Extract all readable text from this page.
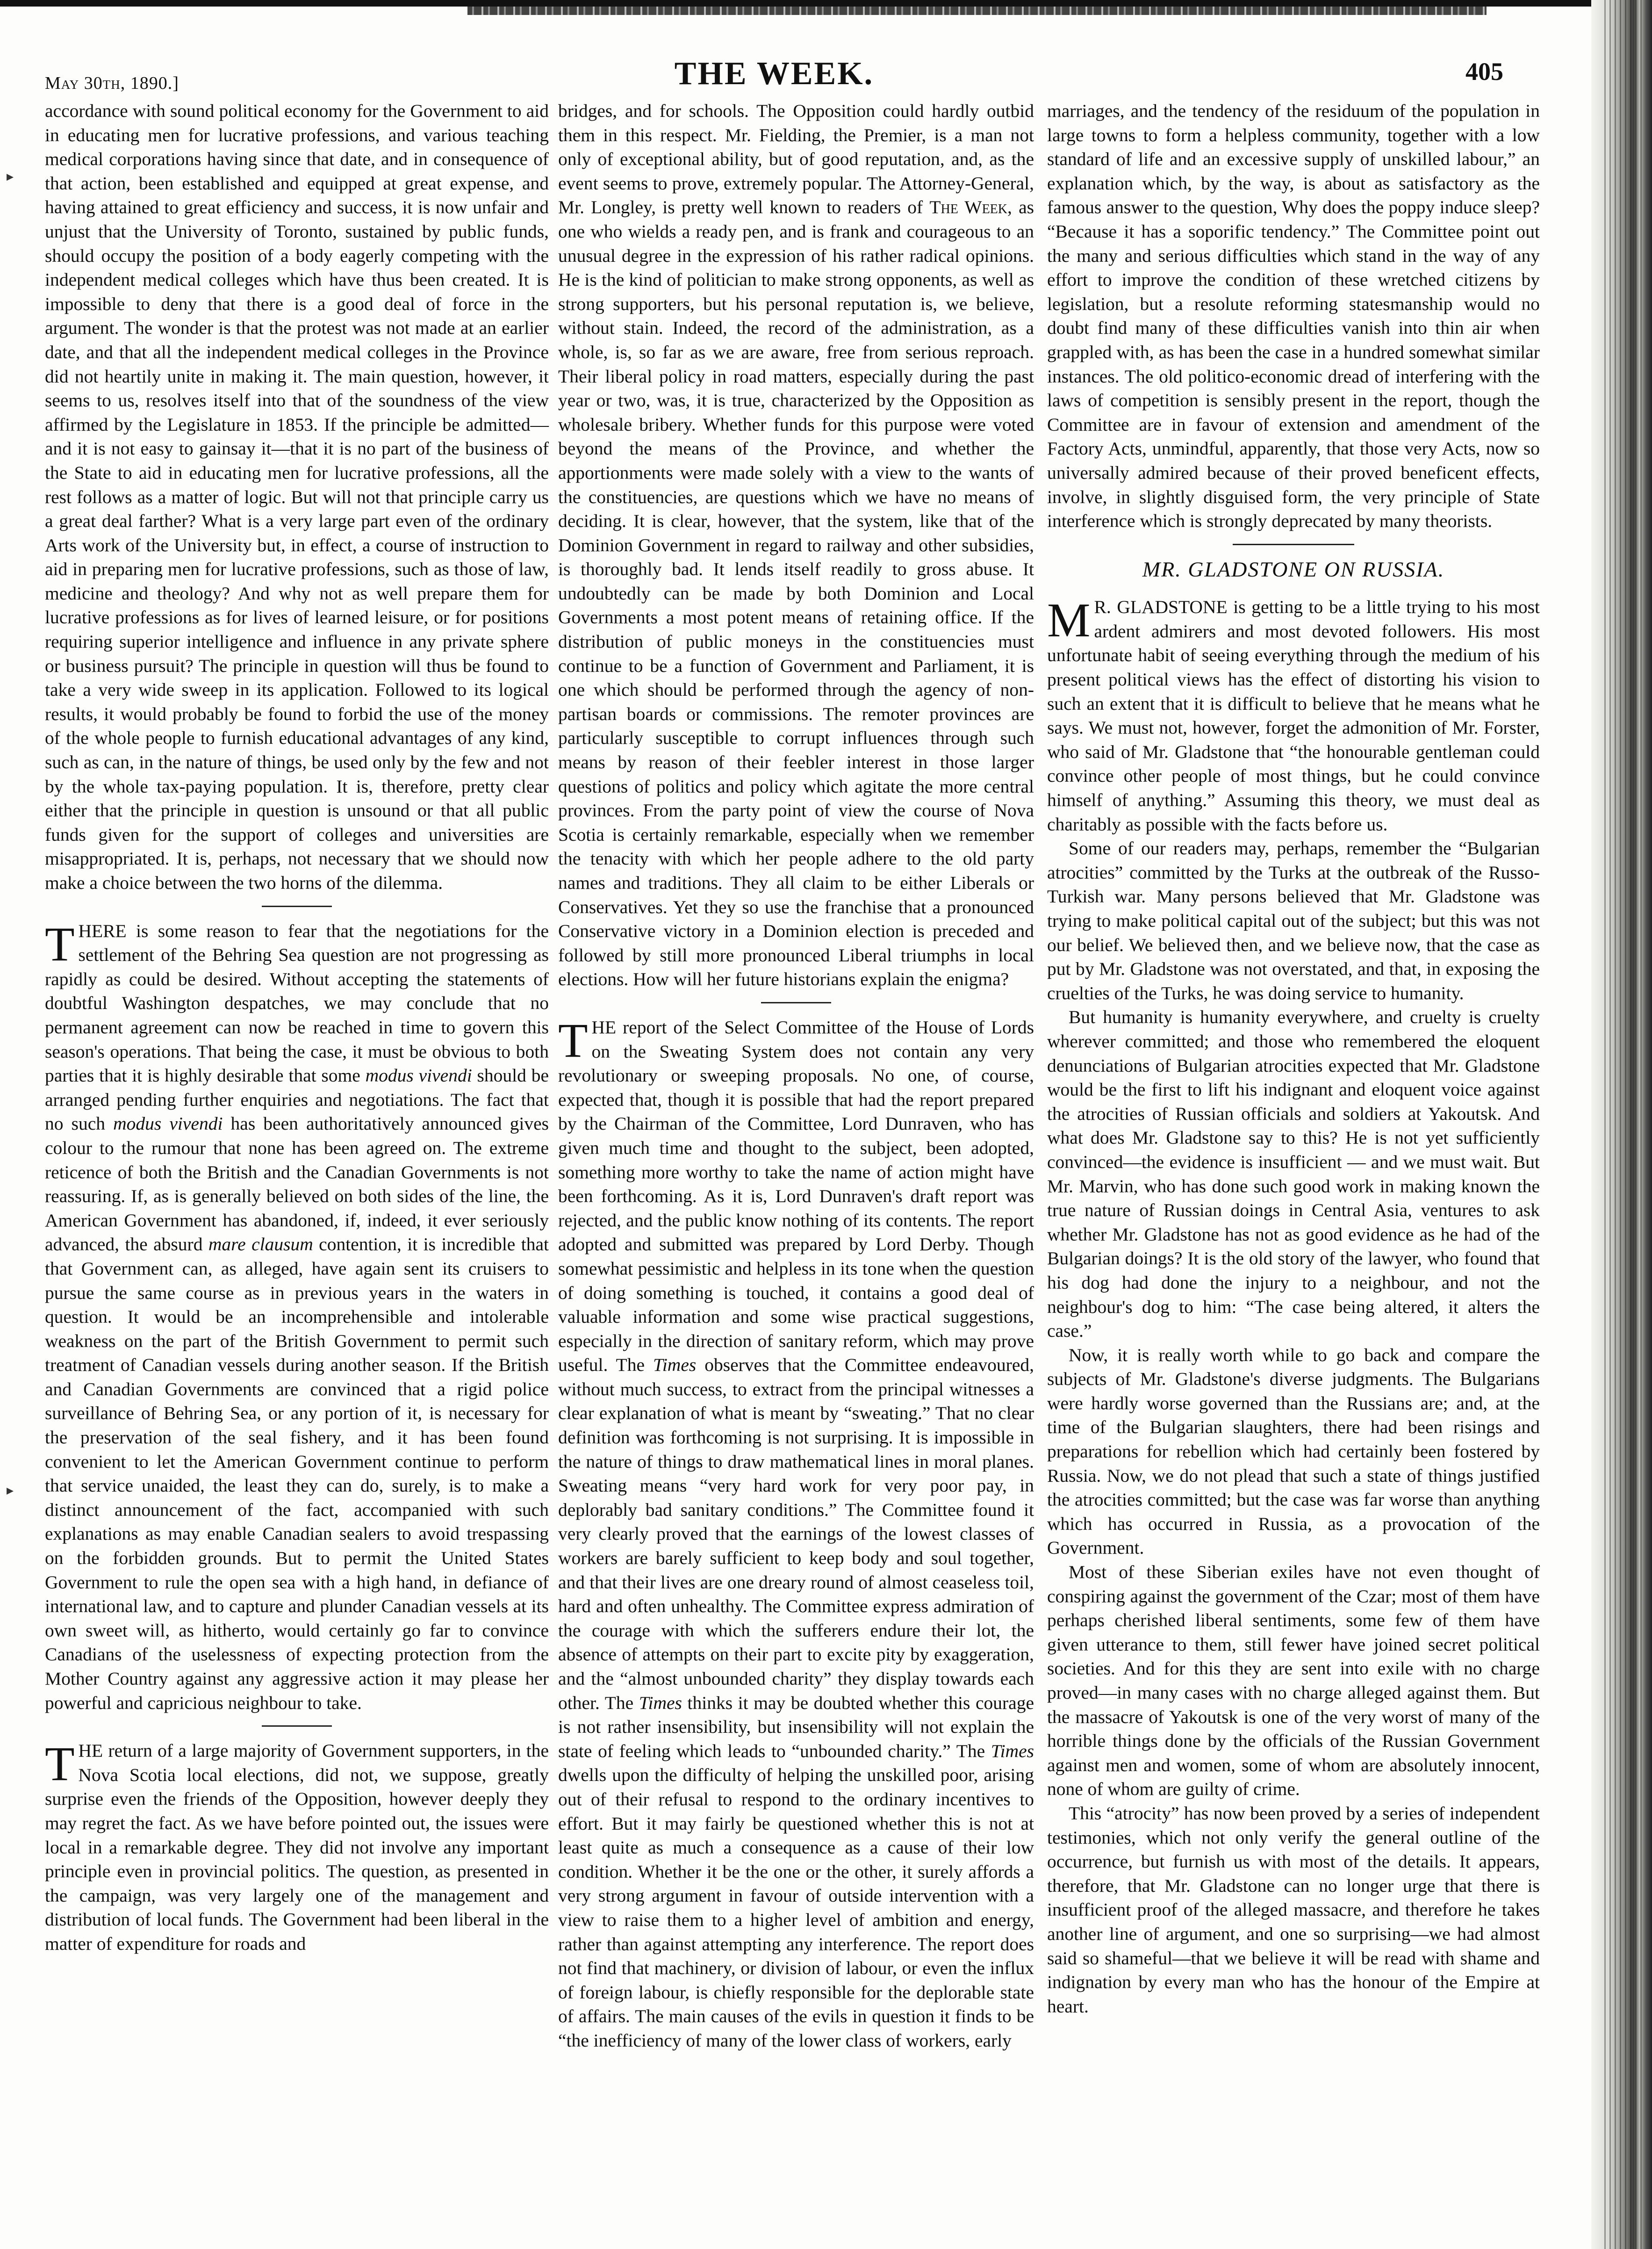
▸
▸
May 30th, 1890.]	THE WEEK.	405

accordance with sound political economy for the Government to aid in educating men for lucrative professions, and various teaching medical corporations having since that date, and in consequence of that action, been established and equipped at great expense, and having attained to great efficiency and success, it is now unfair and unjust that the University of Toronto, sustained by public funds, should occupy the position of a body eagerly competing with the independent medical colleges which have thus been created. It is impossible to deny that there is a good deal of force in the argument. The wonder is that the protest was not made at an earlier date, and that all the independent medical colleges in the Province did not heartily unite in making it. The main question, however, it seems to us, resolves itself into that of the soundness of the view affirmed by the Legislature in 1853. If the principle be admitted—and it is not easy to gainsay it—that it is no part of the business of the State to aid in educating men for lucrative professions, all the rest follows as a matter of logic. But will not that principle carry us a great deal farther? What is a very large part even of the ordinary Arts work of the University but, in effect, a course of instruction to aid in preparing men for lucrative professions, such as those of law, medicine and theology? And why not as well prepare them for lucrative professions as for lives of learned leisure, or for positions requiring superior intelligence and influence in any private sphere or business pursuit? The principle in question will thus be found to take a very wide sweep in its application. Followed to its logical results, it would probably be found to forbid the use of the money of the whole people to furnish educational advantages of any kind, such as can, in the nature of things, be used only by the few and not by the whole tax-paying population. It is, therefore, pretty clear either that the principle in question is unsound or that all public funds given for the support of colleges and universities are misappropriated. It is, perhaps, not necessary that we should now make a choice between the two horns of the dilemma.

THERE is some reason to fear that the negotiations for the settlement of the Behring Sea question are not progressing as rapidly as could be desired. Without accepting the statements of doubtful Washington despatches, we may conclude that no permanent agreement can now be reached in time to govern this season's operations. That being the case, it must be obvious to both parties that it is highly desirable that some modus vivendi should be arranged pending further enquiries and negotiations. The fact that no such modus vivendi has been authoritatively announced gives colour to the rumour that none has been agreed on. The extreme reticence of both the British and the Canadian Governments is not reassuring. If, as is generally believed on both sides of the line, the American Government has abandoned, if, indeed, it ever seriously advanced, the absurd mare clausum contention, it is incredible that that Government can, as alleged, have again sent its cruisers to pursue the same course as in previous years in the waters in question. It would be an incomprehensible and intolerable weakness on the part of the British Government to permit such treatment of Canadian vessels during another season. If the British and Canadian Governments are convinced that a rigid police surveillance of Behring Sea, or any portion of it, is necessary for the preservation of the seal fishery, and it has been found convenient to let the American Government continue to perform that service unaided, the least they can do, surely, is to make a distinct announcement of the fact, accompanied with such explanations as may enable Canadian sealers to avoid trespassing on the forbidden grounds. But to permit the United States Government to rule the open sea with a high hand, in defiance of international law, and to capture and plunder Canadian vessels at its own sweet will, as hitherto, would certainly go far to convince Canadians of the uselessness of expecting protection from the Mother Country against any aggressive action it may please her powerful and capricious neighbour to take.

THE return of a large majority of Government supporters, in the Nova Scotia local elections, did not, we suppose, greatly surprise even the friends of the Opposition, however deeply they may regret the fact. As we have before pointed out, the issues were local in a remarkable degree. They did not involve any important principle even in provincial politics. The question, as presented in the campaign, was very largely one of the management and distribution of local funds. The Government had been liberal in the matter of expenditure for roads and

bridges, and for schools. The Opposition could hardly outbid them in this respect. Mr. Fielding, the Premier, is a man not only of exceptional ability, but of good reputation, and, as the event seems to prove, extremely popular. The Attorney-General, Mr. Longley, is pretty well known to readers of The Week, as one who wields a ready pen, and is frank and courageous to an unusual degree in the expression of his rather radical opinions. He is the kind of politician to make strong opponents, as well as strong supporters, but his personal reputation is, we believe, without stain. Indeed, the record of the administration, as a whole, is, so far as we are aware, free from serious reproach. Their liberal policy in road matters, especially during the past year or two, was, it is true, characterized by the Opposition as wholesale bribery. Whether funds for this purpose were voted beyond the means of the Province, and whether the apportionments were made solely with a view to the wants of the constituencies, are questions which we have no means of deciding. It is clear, however, that the system, like that of the Dominion Government in regard to railway and other subsidies, is thoroughly bad. It lends itself readily to gross abuse. It undoubtedly can be made by both Dominion and Local Governments a most potent means of retaining office. If the distribution of public moneys in the constituencies must continue to be a function of Government and Parliament, it is one which should be performed through the agency of non-partisan boards or commissions. The remoter provinces are particularly susceptible to corrupt influences through such means by reason of their feebler interest in those larger questions of politics and policy which agitate the more central provinces. From the party point of view the course of Nova Scotia is certainly remarkable, especially when we remember the tenacity with which her people adhere to the old party names and traditions. They all claim to be either Liberals or Conservatives. Yet they so use the franchise that a pronounced Conservative victory in a Dominion election is preceded and followed by still more pronounced Liberal triumphs in local elections. How will her future historians explain the enigma?

THE report of the Select Committee of the House of Lords on the Sweating System does not contain any very revolutionary or sweeping proposals. No one, of course, expected that, though it is possible that had the report prepared by the Chairman of the Committee, Lord Dunraven, who has given much time and thought to the subject, been adopted, something more worthy to take the name of action might have been forthcoming. As it is, Lord Dunraven's draft report was rejected, and the public know nothing of its contents. The report adopted and submitted was prepared by Lord Derby. Though somewhat pessimistic and helpless in its tone when the question of doing something is touched, it contains a good deal of valuable information and some wise practical suggestions, especially in the direction of sanitary reform, which may prove useful. The Times observes that the Committee endeavoured, without much success, to extract from the principal witnesses a clear explanation of what is meant by “sweating.” That no clear definition was forthcoming is not surprising. It is impossible in the nature of things to draw mathematical lines in moral planes. Sweating means “very hard work for very poor pay, in deplorably bad sanitary conditions.” The Committee found it very clearly proved that the earnings of the lowest classes of workers are barely sufficient to keep body and soul together, and that their lives are one dreary round of almost ceaseless toil, hard and often unhealthy. The Committee express admiration of the courage with which the sufferers endure their lot, the absence of attempts on their part to excite pity by exaggeration, and the “almost unbounded charity” they display towards each other. The Times thinks it may be doubted whether this courage is not rather insensibility, but insensibility will not explain the state of feeling which leads to “unbounded charity.” The Times dwells upon the difficulty of helping the unskilled poor, arising out of their refusal to respond to the ordinary incentives to effort. But it may fairly be questioned whether this is not at least quite as much a consequence as a cause of their low condition. Whether it be the one or the other, it surely affords a very strong argument in favour of outside intervention with a view to raise them to a higher level of ambition and energy, rather than against attempting any interference. The report does not find that machinery, or division of labour, or even the influx of foreign labour, is chiefly responsible for the deplorable state of affairs. The main causes of the evils in question it finds to be “the inefficiency of many of the lower class of workers, early

marriages, and the tendency of the residuum of the population in large towns to form a helpless community, together with a low standard of life and an excessive supply of unskilled labour,” an explanation which, by the way, is about as satisfactory as the famous answer to the question, Why does the poppy induce sleep? “Because it has a soporific tendency.” The Committee point out the many and serious difficulties which stand in the way of any effort to improve the condition of these wretched citizens by legislation, but a resolute reforming statesmanship would no doubt find many of these difficulties vanish into thin air when grappled with, as has been the case in a hundred somewhat similar instances. The old politico-economic dread of interfering with the laws of competition is sensibly present in the report, though the Committee are in favour of extension and amendment of the Factory Acts, unmindful, apparently, that those very Acts, now so universally admired because of their proved beneficent effects, involve, in slightly disguised form, the very principle of State interference which is strongly deprecated by many theorists.

MR. GLADSTONE ON RUSSIA.

M R. GLADSTONE is getting to be a little trying to his most ardent admirers and most devoted followers. His most unfortunate habit of seeing everything through the medium of his present political views has the effect of distorting his vision to such an extent that it is difficult to believe that he means what he says. We must not, however, forget the admonition of Mr. Forster, who said of Mr. Gladstone that “the honourable gentleman could convince other people of most things, but he could convince himself of anything.” Assuming this theory, we must deal as charitably as possible with the facts before us.

Some of our readers may, perhaps, remember the “Bulgarian atrocities” committed by the Turks at the outbreak of the Russo-Turkish war. Many persons believed that Mr. Gladstone was trying to make political capital out of the subject; but this was not our belief. We believed then, and we believe now, that the case as put by Mr. Gladstone was not overstated, and that, in exposing the cruelties of the Turks, he was doing service to humanity.

But humanity is humanity everywhere, and cruelty is cruelty wherever committed; and those who remembered the eloquent denunciations of Bulgarian atrocities expected that Mr. Gladstone would be the first to lift his indignant and eloquent voice against the atrocities of Russian officials and soldiers at Yakoutsk. And what does Mr. Gladstone say to this? He is not yet sufficiently convinced—the evidence is insufficient — and we must wait. But Mr. Marvin, who has done such good work in making known the true nature of Russian doings in Central Asia, ventures to ask whether Mr. Gladstone has not as good evidence as he had of the Bulgarian doings? It is the old story of the lawyer, who found that his dog had done the injury to a neighbour, and not the neighbour's dog to him: “The case being altered, it alters the case.”

Now, it is really worth while to go back and compare the subjects of Mr. Gladstone's diverse judgments. The Bulgarians were hardly worse governed than the Russians are; and, at the time of the Bulgarian slaughters, there had been risings and preparations for rebellion which had certainly been fostered by Russia. Now, we do not plead that such a state of things justified the atrocities committed; but the case was far worse than anything which has occurred in Russia, as a provocation of the Government.

Most of these Siberian exiles have not even thought of conspiring against the government of the Czar; most of them have perhaps cherished liberal sentiments, some few of them have given utterance to them, still fewer have joined secret political societies. And for this they are sent into exile with no charge proved—in many cases with no charge alleged against them. But the massacre of Yakoutsk is one of the very worst of many of the horrible things done by the officials of the Russian Government against men and women, some of whom are absolutely innocent, none of whom are guilty of crime.

This “atrocity” has now been proved by a series of independent testimonies, which not only verify the general outline of the occurrence, but furnish us with most of the details. It appears, therefore, that Mr. Gladstone can no longer urge that there is insufficient proof of the alleged massacre, and therefore he takes another line of argument, and one so surprising—we had almost said so shameful—that we believe it will be read with shame and indignation by every man who has the honour of the Empire at heart.
